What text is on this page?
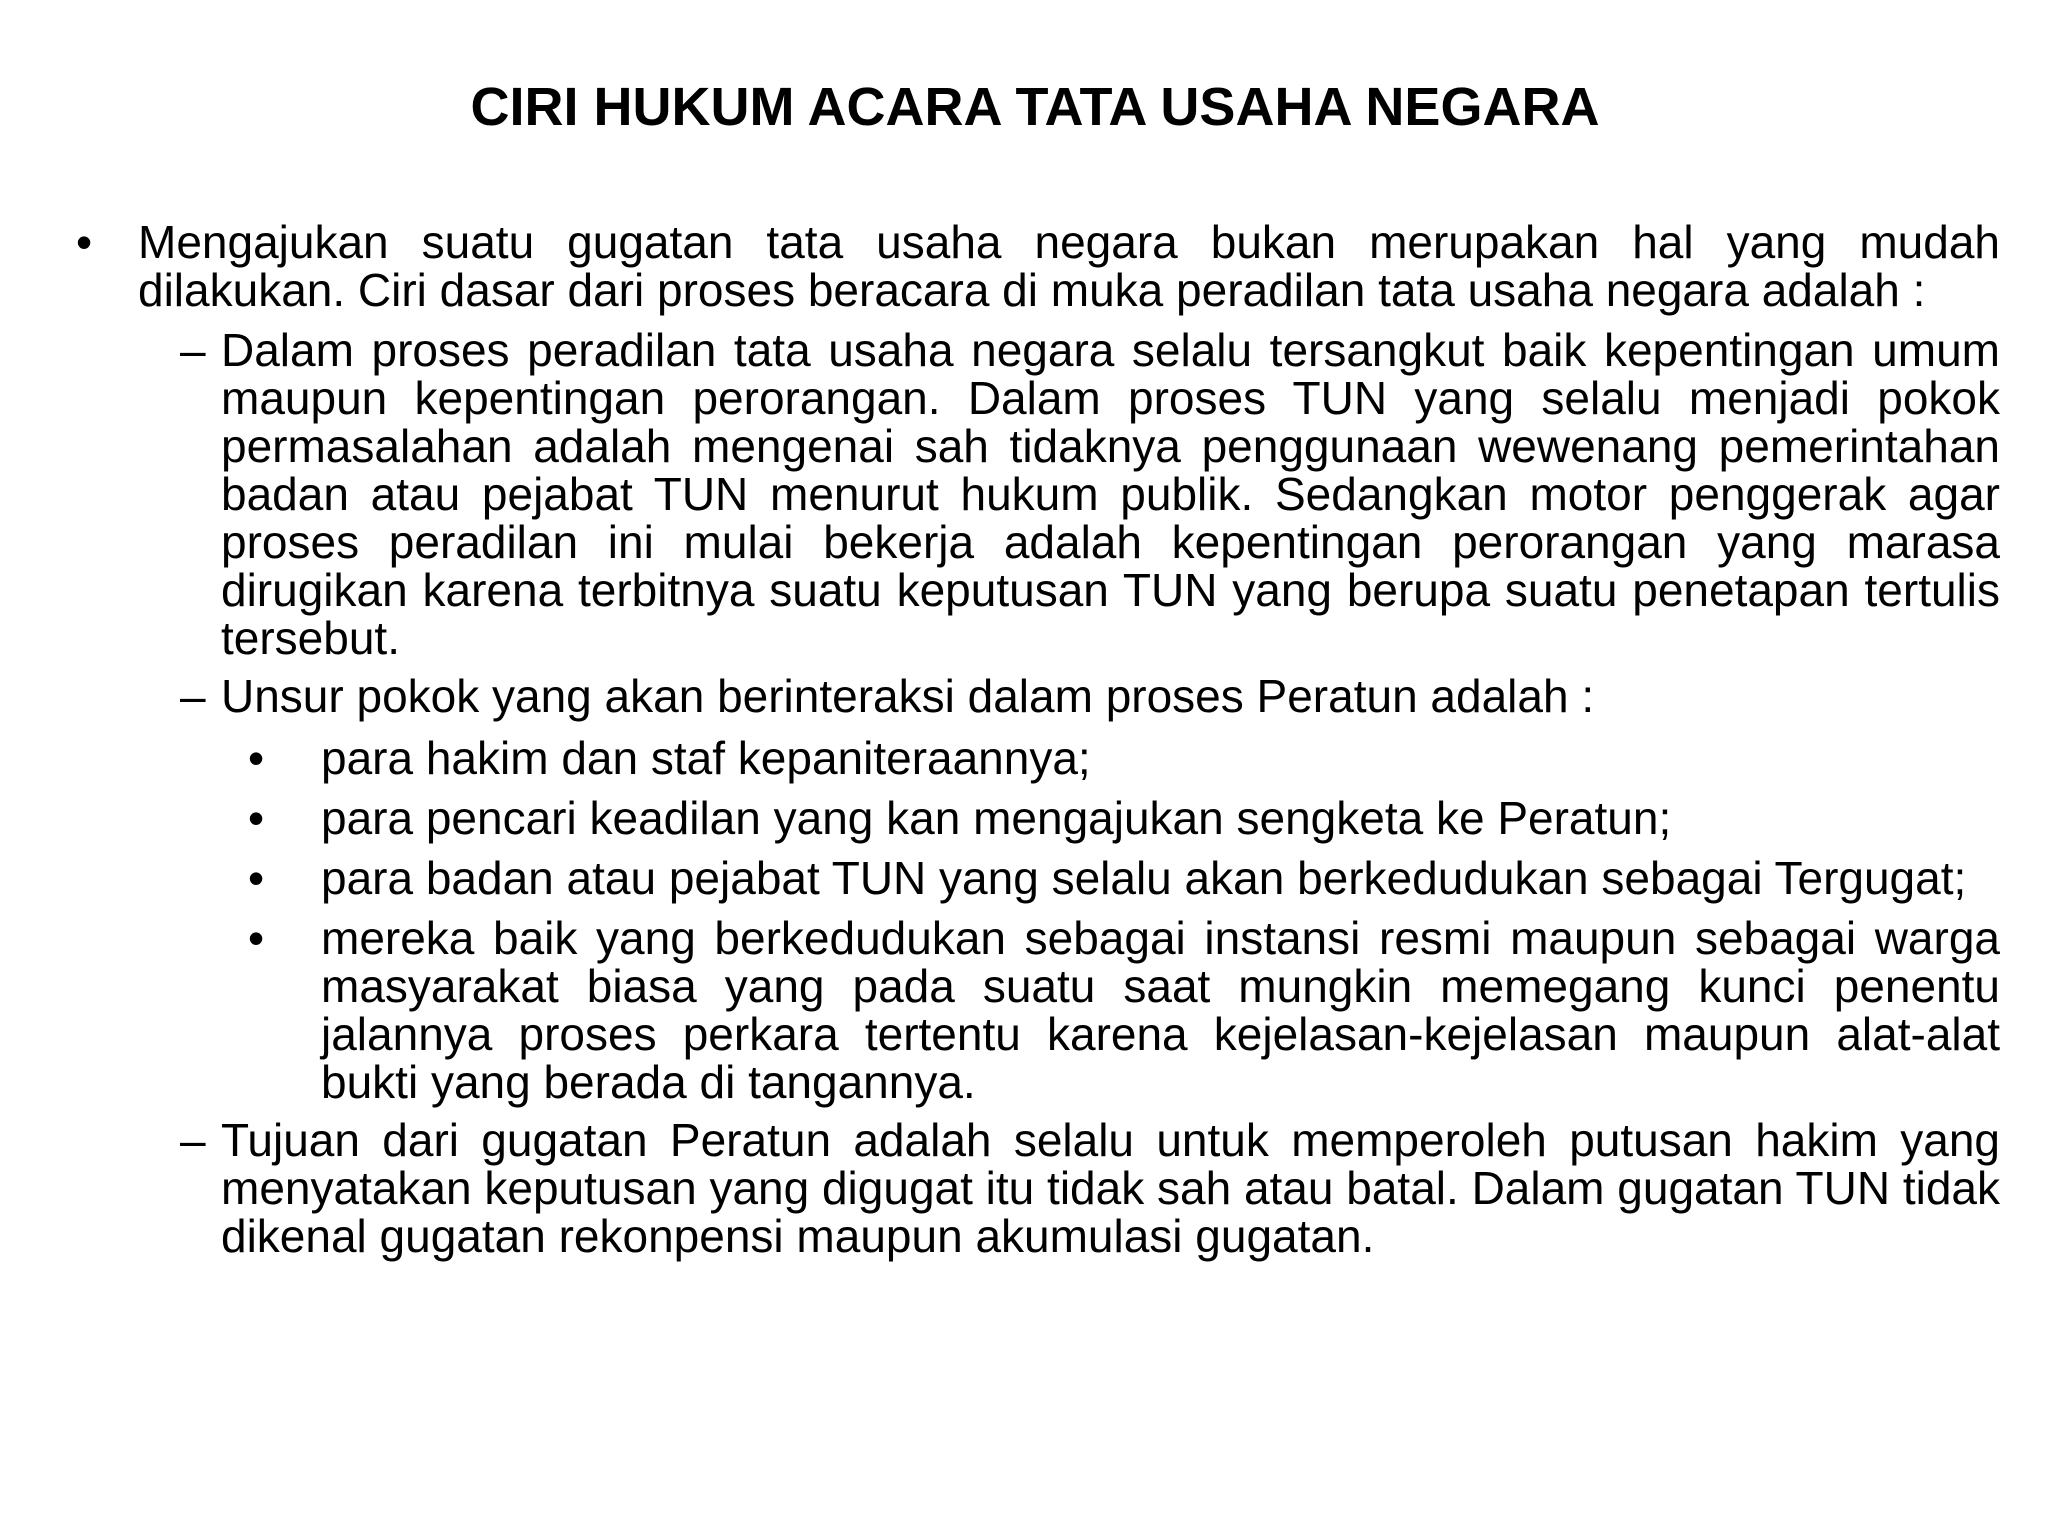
CIRI HUKUM ACARA TATA USAHA NEGARA
• Mengajukan suatu gugatan tata usaha negara bukan merupakan hal yang mudah dilakukan. Ciri dasar dari proses beracara di muka peradilan tata usaha negara adalah :
– Dalam proses peradilan tata usaha negara selalu tersangkut baik kepentingan umum maupun kepentingan perorangan. Dalam proses TUN yang selalu menjadi pokok permasalahan adalah mengenai sah tidaknya penggunaan wewenang pemerintahan badan atau pejabat TUN menurut hukum publik. Sedangkan motor penggerak agar proses peradilan ini mulai bekerja adalah kepentingan perorangan yang marasa dirugikan karena terbitnya suatu keputusan TUN yang berupa suatu penetapan tertulis tersebut.
– Unsur pokok yang akan berinteraksi dalam proses Peratun adalah :
• para hakim dan staf kepaniteraannya;
• para pencari keadilan yang kan mengajukan sengketa ke Peratun;
• para badan atau pejabat TUN yang selalu akan berkedudukan sebagai Tergugat;
• mereka baik yang berkedudukan sebagai instansi resmi maupun sebagai warga masyarakat biasa yang pada suatu saat mungkin memegang kunci penentu jalannya proses perkara tertentu karena kejelasan-kejelasan maupun alat-alat bukti yang berada di tangannya.
– Tujuan dari gugatan Peratun adalah selalu untuk memperoleh putusan hakim yang menyatakan keputusan yang digugat itu tidak sah atau batal. Dalam gugatan TUN tidak dikenal gugatan rekonpensi maupun akumulasi gugatan.
